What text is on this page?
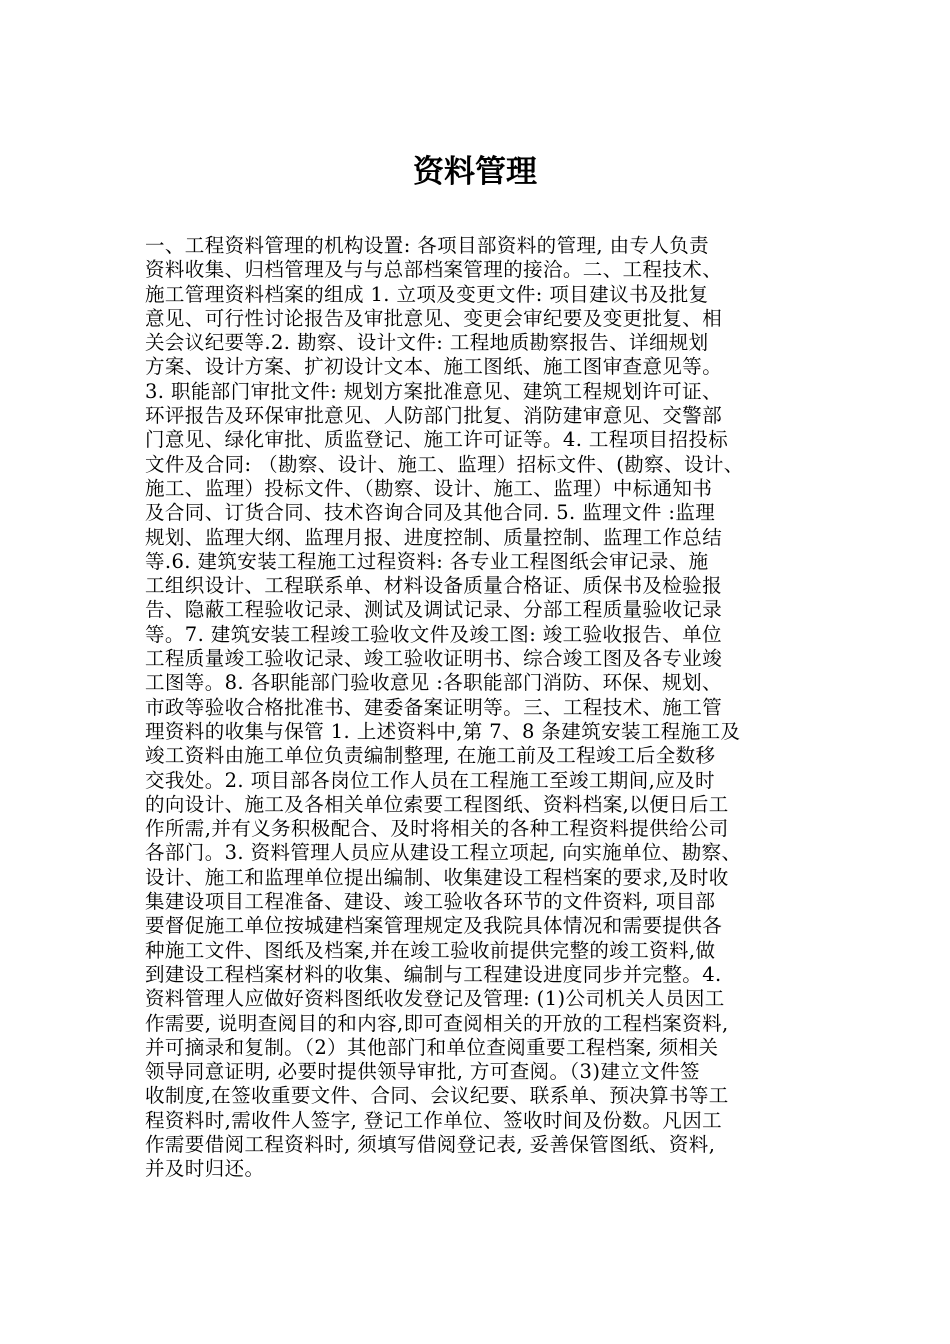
资料管理
一、工程资料管理的机构设置: 各项目部资料的管理, 由专人负责
资料收集、归档管理及与与总部档案管理的接洽。二、工程技术、
施工管理资料档案的组成 1. 立项及变更文件: 项目建议书及批复
意见、可行性讨论报告及审批意见、变更会审纪要及变更批复、相
关会议纪要等.2. 勘察、设计文件: 工程地质勘察报告、详细规划
方案、设计方案、扩初设计文本、施工图纸、施工图审查意见等。
3. 职能部门审批文件: 规划方案批准意见、建筑工程规划许可证、
环评报告及环保审批意见、人防部门批复、消防建审意见、交警部
门意见、绿化审批、质监登记、施工许可证等。4. 工程项目招投标
文件及合同: （勘察、设计、施工、监理）招标文件、(勘察、设计、
施工、监理）投标文件、（勘察、设计、施工、监理）中标通知书
及合同、订货合同、技术咨询合同及其他合同. 5. 监理文件 :监理
规划、监理大纲、监理月报、进度控制、质量控制、监理工作总结
等.6. 建筑安装工程施工过程资料: 各专业工程图纸会审记录、施
工组织设计、工程联系单、材料设备质量合格证、质保书及检验报
告、隐蔽工程验收记录、测试及调试记录、分部工程质量验收记录
等。7. 建筑安装工程竣工验收文件及竣工图: 竣工验收报告、单位
工程质量竣工验收记录、竣工验收证明书、综合竣工图及各专业竣
工图等。8. 各职能部门验收意见 :各职能部门消防、环保、规划、
市政等验收合格批准书、建委备案证明等。三、工程技术、施工管
理资料的收集与保管 1. 上述资料中,第 7、8 条建筑安装工程施工及
竣工资料由施工单位负责编制整理, 在施工前及工程竣工后全数移
交我处。2. 项目部各岗位工作人员在工程施工至竣工期间,应及时
的向设计、施工及各相关单位索要工程图纸、资料档案,以便日后工
作所需,并有义务积极配合、及时将相关的各种工程资料提供给公司
各部门。3. 资料管理人员应从建设工程立项起, 向实施单位、勘察、
设计、施工和监理单位提出编制、收集建设工程档案的要求,及时收
集建设项目工程准备、建设、竣工验收各环节的文件资料, 项目部
要督促施工单位按城建档案管理规定及我院具体情况和需要提供各
种施工文件、图纸及档案,并在竣工验收前提供完整的竣工资料,做
到建设工程档案材料的收集、编制与工程建设进度同步并完整。4.
资料管理人应做好资料图纸收发登记及管理: (1)公司机关人员因工
作需要, 说明查阅目的和内容,即可查阅相关的开放的工程档案资料,
并可摘录和复制。（2）其他部门和单位查阅重要工程档案, 须相关
领导同意证明, 必要时提供领导审批, 方可查阅。（3)建立文件签
收制度,在签收重要文件、合同、会议纪要、联系单、预决算书等工
程资料时,需收件人签字, 登记工作单位、签收时间及份数。凡因工
作需要借阅工程资料时, 须填写借阅登记表, 妥善保管图纸、资料,
并及时归还。
